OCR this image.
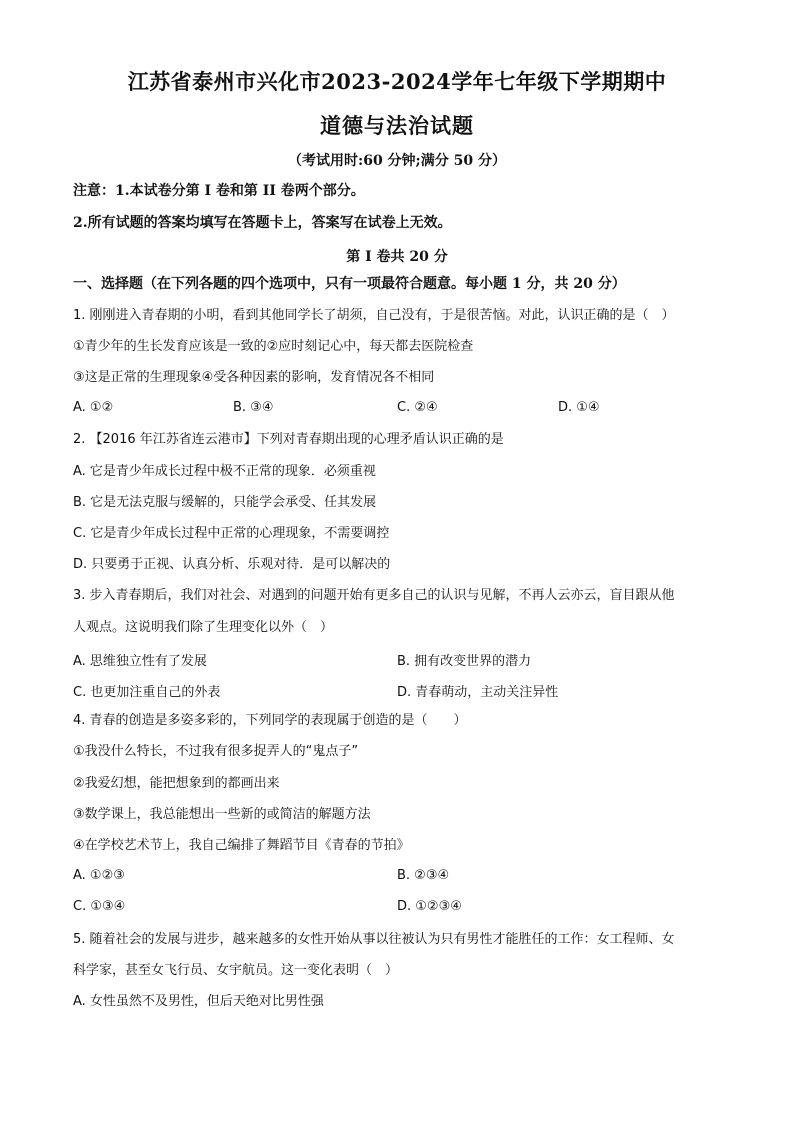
江苏省泰州市兴化市2023-2024学年七年级下学期期中
道德与法治试题
（考试用时:60 分钟;满分 50 分）
注意：1.本试卷分第 I 卷和第 II 卷两个部分。
2.所有试题的答案均填写在答题卡上，答案写在试卷上无效。
第 I 卷共 20 分
一、选择题（在下列各题的四个选项中，只有一项最符合题意。每小题 1 分，共 20 分）
1. 刚刚进入青春期的小明，看到其他同学长了胡须，自己没有，于是很苦恼。对此，认识正确的是（　）
①青少年的生长发育应该是一致的②应时刻记心中，每天都去医院检查
③这是正常的生理现象④受各种因素的影响，发育情况各不相同
A. ①②	B. ③④	C. ②④	D. ①④
2. 【2016 年江苏省连云港市】下列对青春期出现的心理矛盾认识正确的是
A. 它是青少年成长过程中极不正常的现象．必须重视
B. 它是无法克服与缓解的，只能学会承受、任其发展
C. 它是青少年成长过程中正常的心理现象，不需要调控
D. 只要勇于正视、认真分析、乐观对待．是可以解决的
3. 步入青春期后，我们对社会、对遇到的问题开始有更多自己的认识与见解，不再人云亦云，盲目跟从他
人观点。这说明我们除了生理变化以外（　）
A. 思维独立性有了发展	B. 拥有改变世界的潜力
C. 也更加注重自己的外表	D. 青春萌动，主动关注异性
4. 青春的创造是多姿多彩的，下列同学的表现属于创造的是（　　）
①我没什么特长，不过我有很多捉弄人的“鬼点子”
②我爱幻想，能把想象到的都画出来
③数学课上，我总能想出一些新的或简洁的解题方法
④在学校艺术节上，我自己编排了舞蹈节目《青春的节拍》
A. ①②③	B. ②③④
C. ①③④	D. ①②③④
5. 随着社会的发展与进步，越来越多的女性开始从事以往被认为只有男性才能胜任的工作：女工程师、女
科学家，甚至女飞行员、女宇航员。这一变化表明（　）
A. 女性虽然不及男性，但后天绝对比男性强
